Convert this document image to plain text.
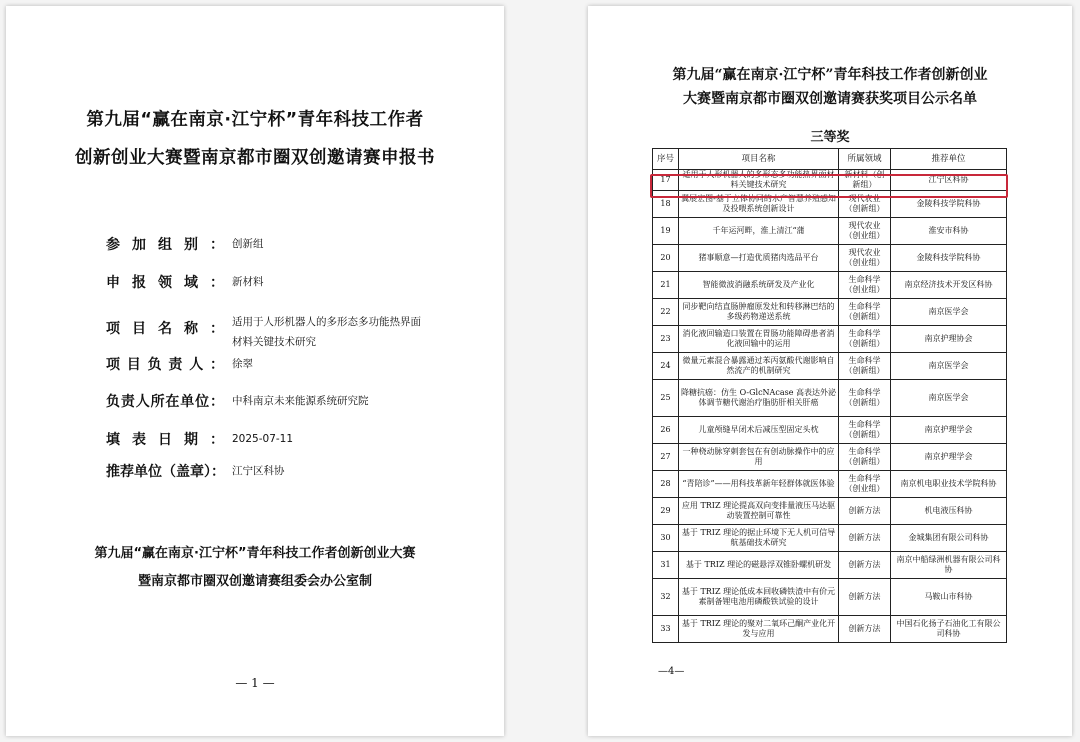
第九届“赢在南京·江宁杯”青年科技工作者
创新创业大赛暨南京都市圈双创邀请赛申报书
参加组别： 创新组
申报领域： 新材料
项目名称： 适用于人形机器人的多形态多功能热界面材料关键技术研究
项目负责人： 徐翠
负责人所在单位： 中科南京未来能源系统研究院
填表日期： 2025-07-11
推荐单位（盖章）： 江宁区科协
第九届“赢在南京·江宁杯”青年科技工作者创新创业大赛
暨南京都市圈双创邀请赛组委会办公室制
— 1 —
第九届“赢在南京·江宁杯”青年科技工作者创新创业
大赛暨南京都市圈双创邀请赛获奖项目公示名单
三等奖
序号	项目名称	所属领域	推荐单位
17	适用于人形机器人的多形态多功能热界面材料关键技术研究	新材料（创新组）	江宁区科协
18	翼展宏图-基于立体协同的水产智慧养殖感知及投喂系统创新设计	现代农业（创新组）	金陵科技学院科协
19	千年运河畔，淮上清江“蒲	现代农业（创业组）	淮安市科协
20	猪事顺意—打造优质猪肉选品平台	现代农业（创业组）	金陵科技学院科协
21	智能微波消融系统研发及产业化	生命科学（创业组）	南京经济技术开发区科协
22	同步靶向结直肠肿瘤原发灶和转移淋巴结的多级药物递送系统	生命科学（创新组）	南京医学会
23	消化液回输造口装置在胃肠功能障碍患者消化液回输中的运用	生命科学（创新组）	南京护理协会
24	微量元素混合暴露通过苯丙氨酸代谢影响自然流产的机制研究	生命科学（创新组）	南京医学会
25	降糖抗癌：仿生 O-GlcNAcase 高表达外泌体调节糖代谢治疗脂肪肝相关肝癌	生命科学（创新组）	南京医学会
26	儿童颅缝早闭术后减压型固定头枕	生命科学（创新组）	南京护理学会
27	一种桡动脉穿刺套包在有创动脉操作中的应用	生命科学（创新组）	南京护理学会
28	“青陪诊”——用科技革新年轻群体就医体验	生命科学（创业组）	南京机电职业技术学院科协
29	应用 TRIZ 理论提高双向变排量液压马达驱动装置控制可靠性	创新方法	机电液压科协
30	基于 TRIZ 理论的据止环境下无人机可信导航基础技术研究	创新方法	金城集团有限公司科协
31	基于 TRIZ 理论的磁悬浮双锥卧螺机研发	创新方法	南京中船绿洲机器有限公司科协
32	基于 TRIZ 理论低成本回收磷铁渣中有价元素制备锂电池用磷酸铁试验的设计	创新方法	马鞍山市科协
33	基于 TRIZ 理论的聚对二氧环己酮产业化开发与应用	创新方法	中国石化扬子石油化工有限公司科协
—4—
